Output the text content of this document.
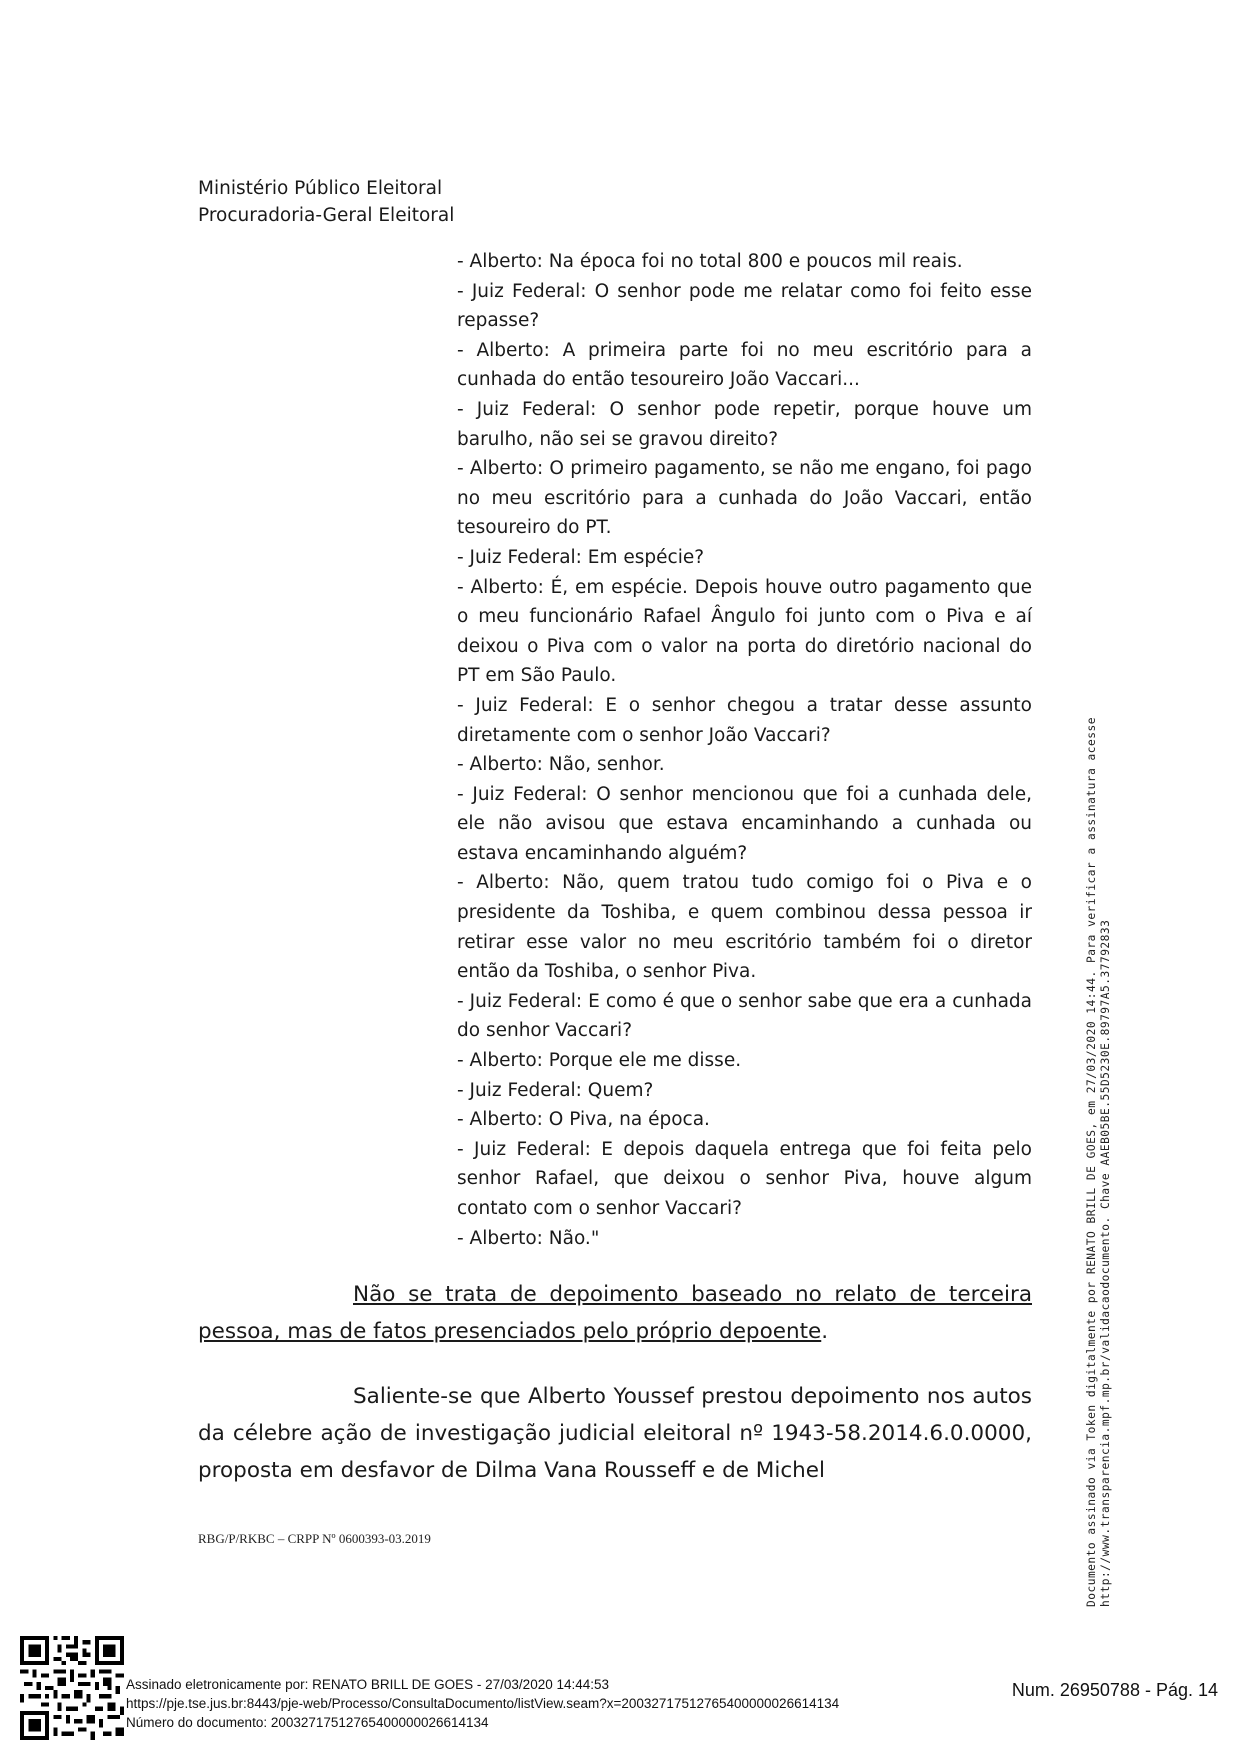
Ministério Público Eleitoral
Procuradoria-Geral Eleitoral

- Alberto: Na época foi no total 800 e poucos mil reais.

- Juiz Federal: O senhor pode me relatar como foi feito esse repasse?

- Alberto: A primeira parte foi no meu escritório para a cunhada do então tesoureiro João Vaccari...

- Juiz Federal: O senhor pode repetir, porque houve um barulho, não sei se gravou direito?

- Alberto: O primeiro pagamento, se não me engano, foi pago no meu escritório para a cunhada do João Vaccari, então tesoureiro do PT.

- Juiz Federal: Em espécie?

- Alberto: É, em espécie. Depois houve outro pagamento que o meu funcionário Rafael Ângulo foi junto com o Piva e aí deixou o Piva com o valor na porta do diretório nacional do PT em São Paulo.

- Juiz Federal: E o senhor chegou a tratar desse assunto diretamente com o senhor João Vaccari?

- Alberto: Não, senhor.

- Juiz Federal: O senhor mencionou que foi a cunhada dele, ele não avisou que estava encaminhando a cunhada ou estava encaminhando alguém?

- Alberto: Não, quem tratou tudo comigo foi o Piva e o presidente da Toshiba, e quem combinou dessa pessoa ir retirar esse valor no meu escritório também foi o diretor então da Toshiba, o senhor Piva.

- Juiz Federal: E como é que o senhor sabe que era a cunhada do senhor Vaccari?

- Alberto: Porque ele me disse.

- Juiz Federal: Quem?

- Alberto: O Piva, na época.

- Juiz Federal: E depois daquela entrega que foi feita pelo senhor Rafael, que deixou o senhor Piva, houve algum contato com o senhor Vaccari?

- Alberto: Não."

Não se trata de depoimento baseado no relato de terceira pessoa, mas de fatos presenciados pelo próprio depoente.
Saliente-se que Alberto Youssef prestou depoimento nos autos da célebre ação de investigação judicial eleitoral nº 1943-58.2014.6.0.0000, proposta em desfavor de Dilma Vana Rousseff e de Michel
RBG/P/RKBC – CRPP Nº 0600393-03.2019	Documento assinado via Token digitalmente por RENATO BRILL DE GOES, em 27/03/2020 14:44. Para verificar a assinatura acesse http://www.transparencia.mpf.mp.br/validacaodocumento. Chave AAEB05BE.55D5230E.89797A5.37792833
Assinado eletronicamente por: RENATO BRILL DE GOES - 27/03/2020 14:44:53
https://pje.tse.jus.br:8443/pje-web/Processo/ConsultaDocumento/listView.seam?x=20032717512765400000026614134
Número do documento: 20032717512765400000026614134
Num. 26950788 - Pág. 14
